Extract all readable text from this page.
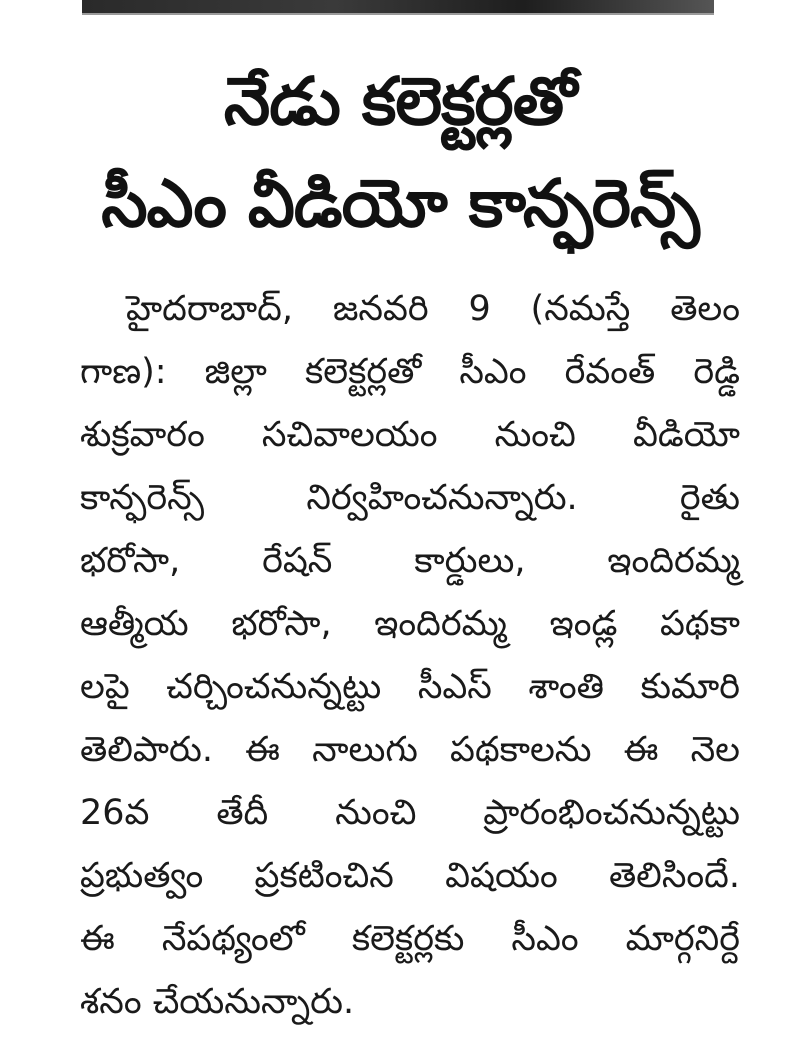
నేడు కలెక్టర్లతో
సీఎం వీడియో కాన్ఫరెన్స్
హైదరాబాద్, జనవరి 9 (నమస్తే తెలం
గాణ): జిల్లా కలెక్టర్లతో సీఎం రేవంత్ రెడ్డి
శుక్రవారం సచివాలయం నుంచి వీడియో
కాన్ఫరెన్స్ నిర్వహించనున్నారు. రైతు
భరోసా, రేషన్ కార్డులు, ఇందిరమ్మ
ఆత్మీయ భరోసా, ఇందిరమ్మ ఇండ్ల పథకా
లపై చర్చించనున్నట్టు సీఎస్ శాంతి కుమారి
తెలిపారు. ఈ నాలుగు పథకాలను ఈ నెల
26వ తేదీ నుంచి ప్రారంభించనున్నట్టు
ప్రభుత్వం ప్రకటించిన విషయం తెలిసిందే.
ఈ నేపథ్యంలో కలెక్టర్లకు సీఎం మార్గనిర్దే
శనం చేయనున్నారు.
